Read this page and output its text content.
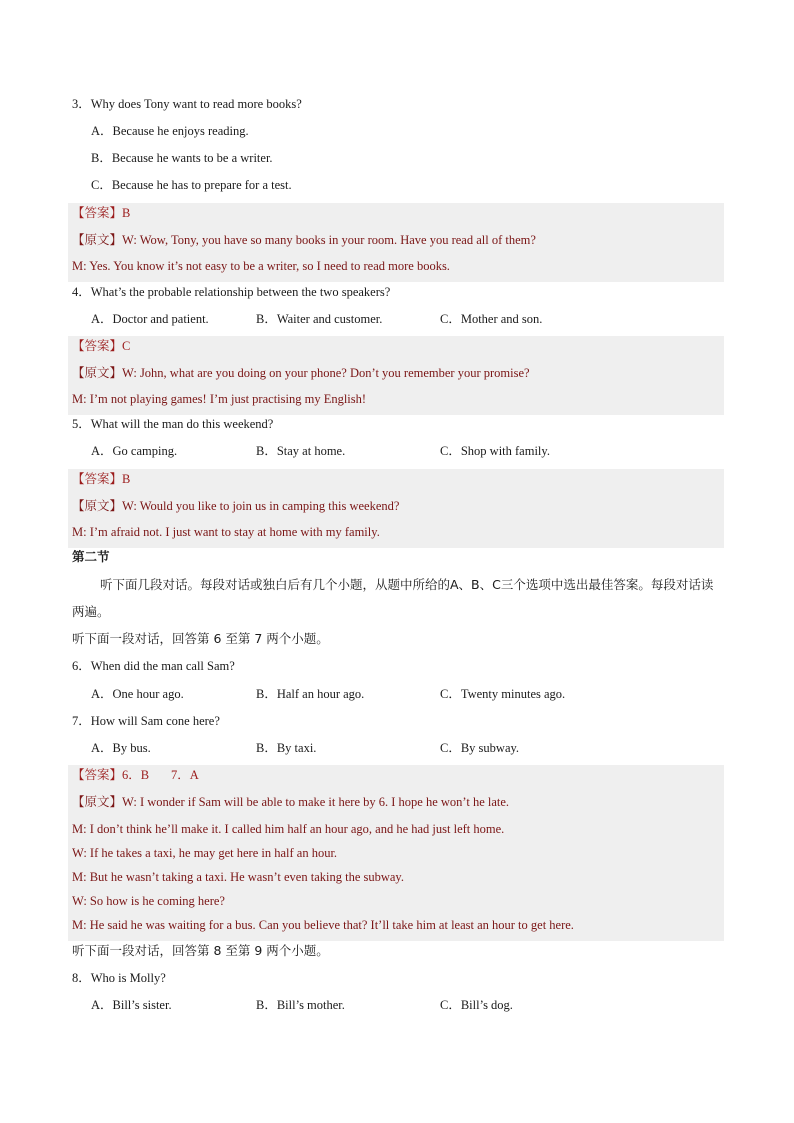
3．Why does Tony want to read more books?
A．Because he enjoys reading.
B．Because he wants to be a writer.
C．Because he has to prepare for a test.
【答案】B
【原文】W: Wow, Tony, you have so many books in your room. Have you read all of them?
M: Yes. You know it’s not easy to be a writer, so I need to read more books.
4．What’s the probable relationship between the two speakers?
A．Doctor and patient.	B．Waiter and customer.	C．Mother and son.
【答案】C
【原文】W: John, what are you doing on your phone? Don’t you remember your promise?
M: I’m not playing games! I’m just practising my English!
5．What will the man do this weekend?
A．Go camping.	B．Stay at home.	C．Shop with family.
【答案】B
【原文】W: Would you like to join us in camping this weekend?
M: I’m afraid not. I just want to stay at home with my family.
第二节
听下面几段对话。每段对话或独白后有几个小题，从题中所给的A、B、C三个选项中选出最佳答案。每段对话读两遍。
听下面一段对话，回答第 6 至第 7 两个小题。
6．When did the man call Sam?
A．One hour ago.	B．Half an hour ago.	C．Twenty minutes ago.
7．How will Sam cone here?
A．By bus.	B．By taxi.	C．By subway.
【答案】6．B       7．A
【原文】W: I wonder if Sam will be able to make it here by 6. I hope he won’t he late.
M: I don’t think he’ll make it. I called him half an hour ago, and he had just left home.
W: If he takes a taxi, he may get here in half an hour.
M: But he wasn’t taking a taxi. He wasn’t even taking the subway.
W: So how is he coming here?
M: He said he was waiting for a bus. Can you believe that? It’ll take him at least an hour to get here.
听下面一段对话，回答第 8 至第 9 两个小题。
8．Who is Molly?
A．Bill’s sister.	B．Bill’s mother.	C．Bill’s dog.
